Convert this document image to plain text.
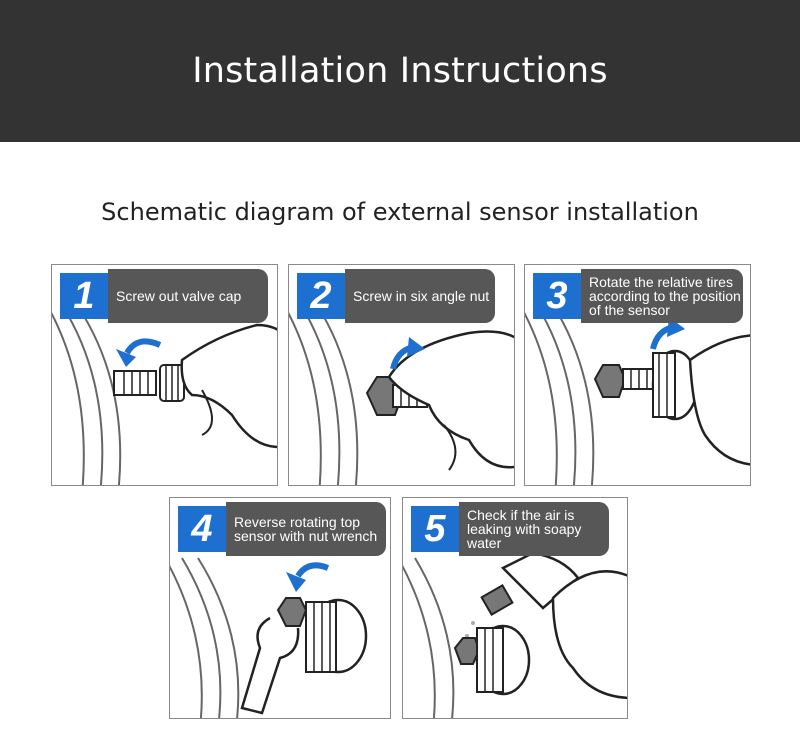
Installation Instructions
Schematic diagram of external sensor installation
1	Screw out valve cap	2	Screw in six angle nut	3	Rotate the relative tires according to the position of the sensor
4	Reverse rotating top sensor with nut wrench	5	Check if the air is leaking with soapy water
